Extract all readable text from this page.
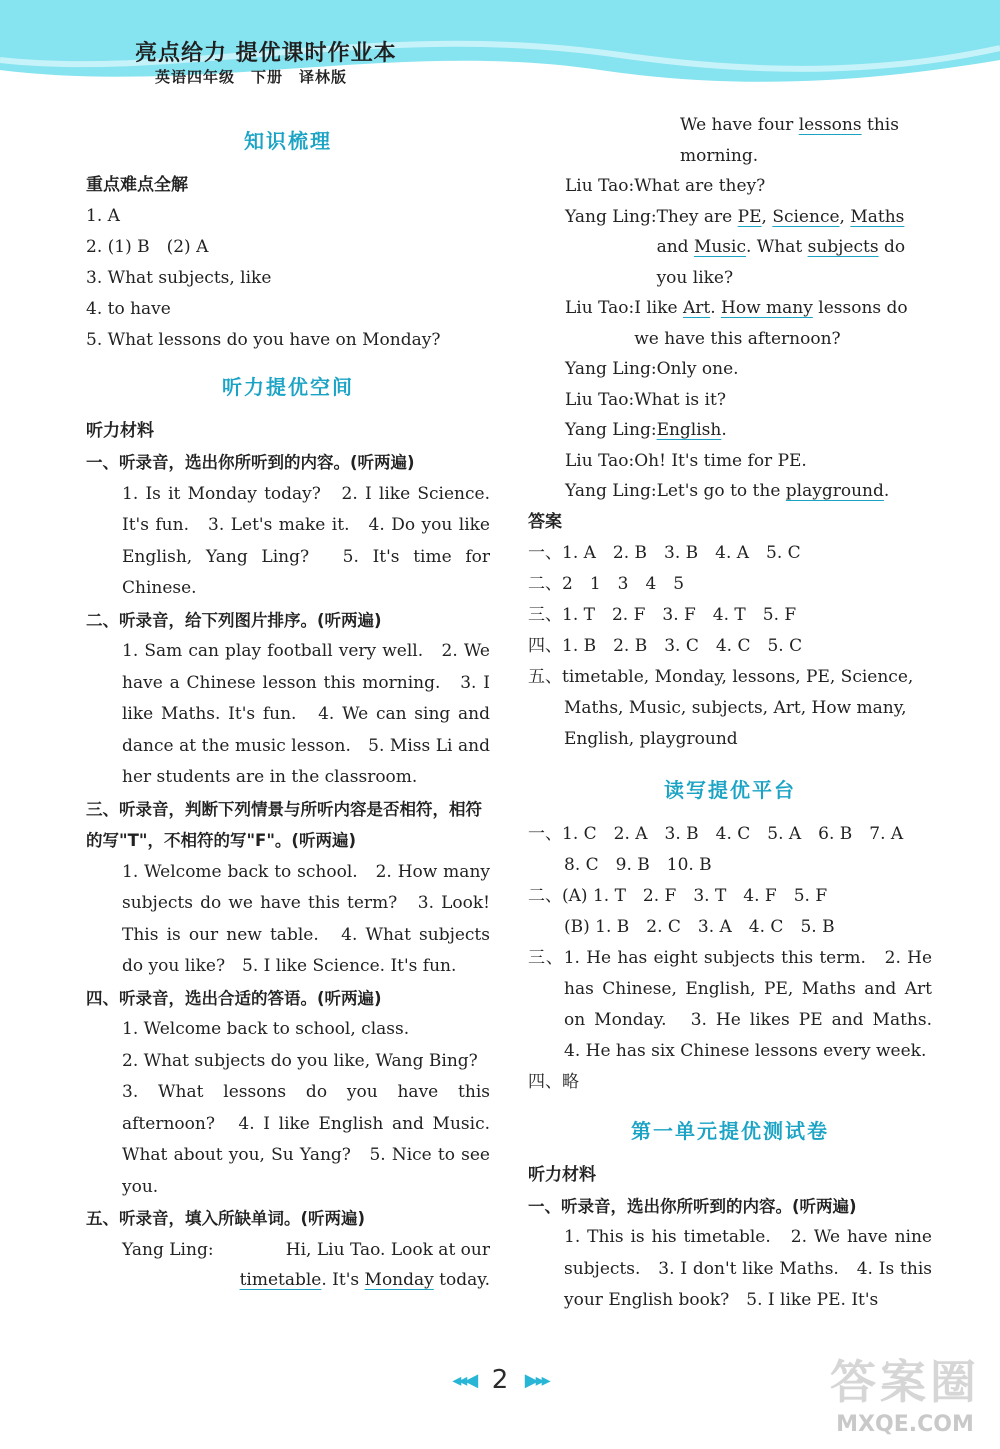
亮点给力 提优课时作业本
英语四年级　下册　译林版
知识梳理
重点难点全解
1. A
2. (1) B　(2) A
3. What subjects, like
4. to have
5. What lessons do you have on Monday?
听力提优空间
听力材料
一、听录音，选出你所听到的内容。(听两遍)
1. Is it Monday today?　2. I like Science. It's fun.　3. Let's make it.　4. Do you like English, Yang Ling?　5. It's time for Chinese.
二、听录音，给下列图片排序。(听两遍)
1. Sam can play football very well.　2. We have a Chinese lesson this morning.　3. I like Maths. It's fun.　4. We can sing and dance at the music lesson.　5. Miss Li and her students are in the classroom.
三、听录音，判断下列情景与所听内容是否相符，相符的写"T"，不相符的写"F"。(听两遍)
1. Welcome back to school.　2. How many subjects do we have this term?　3. Look! This is our new table.　4. What subjects do you like?　5. I like Science. It's fun.
四、听录音，选出合适的答语。(听两遍)
1. Welcome back to school, class.
2. What subjects do you like, Wang Bing?
3. What lessons do you have this afternoon?　4. I like English and Music. What about you, Su Yang?　5. Nice to see you.
五、听录音，填入所缺单词。(听两遍)
Yang Ling:
	Hi, Liu Tao. Look at our
timetable. It's Monday today.
We have four lessons this morning.
Liu Tao: What are they?
Yang Ling: They are PE, Science, Maths and Music. What subjects do you like?
Liu Tao: I like Art. How many lessons do we have this afternoon?
Yang Ling: Only one.
Liu Tao: What is it?
Yang Ling: English.
Liu Tao: Oh! It's time for PE.
Yang Ling: Let's go to the playground.
答案
一、1. A　2. B　3. B　4. A　5. C
二、2　1　3　4　5
三、1. T　2. F　3. F　4. T　5. F
四、1. B　2. B　3. C　4. C　5. C
五、timetable, Monday, lessons, PE, Science, Maths, Music, subjects, Art, How many, English, playground
读写提优平台
一、1. C　2. A　3. B　4. C　5. A　6. B　7. A
8. C　9. B　10. B
二、(A) 1. T　2. F　3. T　4. F　5. F
(B) 1. B　2. C　3. A　4. C　5. B
三、1. He has eight subjects this term.　2. He has Chinese, English, PE, Maths and Art on Monday.　3. He likes PE and Maths.　4. He has six Chinese lessons every week.
四、略
第一单元提优测试卷
听力材料
一、听录音，选出你所听到的内容。(听两遍)
1. This is his timetable.　2. We have nine subjects.　3. I don't like Maths.　4. Is this your English book?　5. I like PE. It's
◂◂◀ 2 ▶▸▸	答案圈
MXQE.COM
